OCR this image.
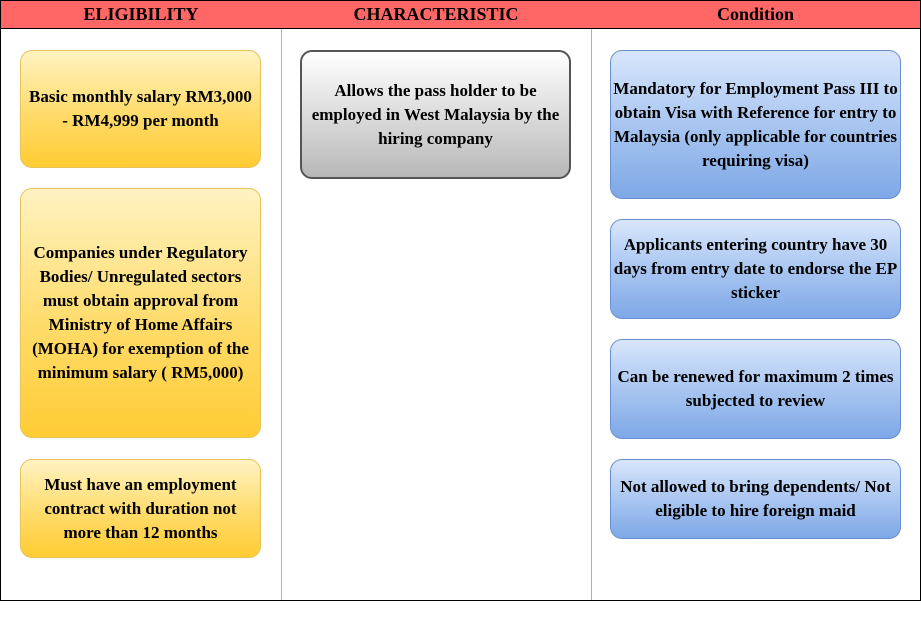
ELIGIBILITY	CHARACTERISTIC	Condition
Basic monthly salary RM3,000 - RM4,999 per month
Companies under Regulatory Bodies/ Unregulated sectors must obtain approval from Ministry of Home Affairs (MOHA) for exemption of the minimum salary ( RM5,000)
Must have an employment contract with duration not more than 12 months
Allows the pass holder to be employed in West Malaysia by the hiring company
Mandatory for Employment Pass III to obtain Visa with Reference for entry to Malaysia (only applicable for countries requiring visa)
Applicants entering country have 30 days from entry date to endorse the EP sticker
Can be renewed for maximum 2 times subjected to review
Not allowed to bring dependents/ Not eligible to hire foreign maid
